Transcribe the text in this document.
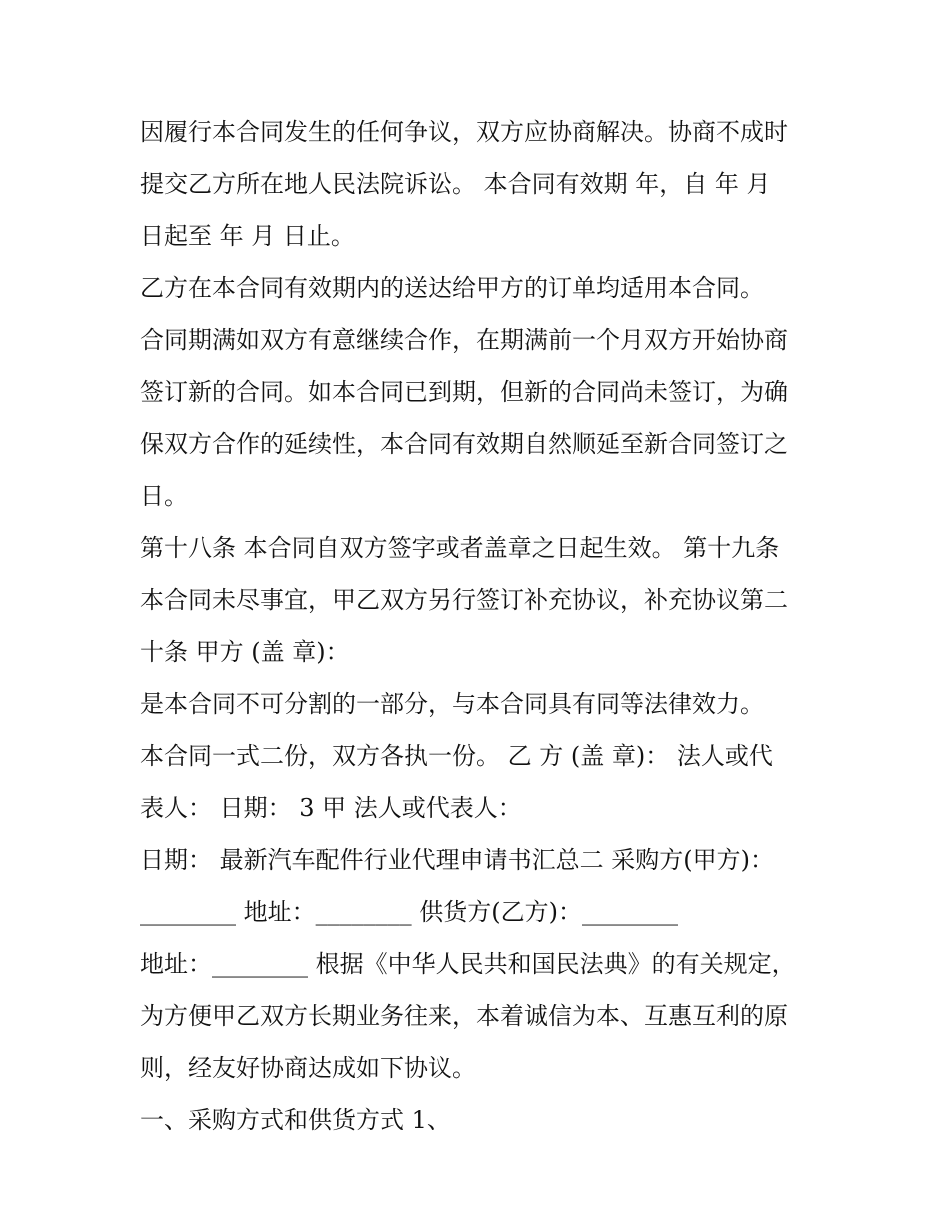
因履行本合同发生的任何争议，双方应协商解决。协商不成时
提交乙方所在地人民法院诉讼。 本合同有效期 年，自 年 月
日起至 年 月 日止。
乙方在本合同有效期内的送达给甲方的订单均适用本合同。
合同期满如双方有意继续合作，在期满前一个月双方开始协商
签订新的合同。如本合同已到期，但新的合同尚未签订，为确
保双方合作的延续性，本合同有效期自然顺延至新合同签订之
日。
第十八条 本合同自双方签字或者盖章之日起生效。 第十九条
本合同未尽事宜，甲乙双方另行签订补充协议，补充协议第二
十条 甲方 (盖 章)：
是本合同不可分割的一部分，与本合同具有同等法律效力。
本合同一式二份，双方各执一份。 乙 方 (盖 章)： 法人或代
表人： 日期： 3 甲 法人或代表人：
日期： 最新汽车配件行业代理申请书汇总二 采购方(甲方)：
________ 地址：________ 供货方(乙方)：________
地址：________ 根据《中华人民共和国民法典》的有关规定，
为方便甲乙双方长期业务往来，本着诚信为本、互惠互利的原
则，经友好协商达成如下协议。
一、采购方式和供货方式 1、
